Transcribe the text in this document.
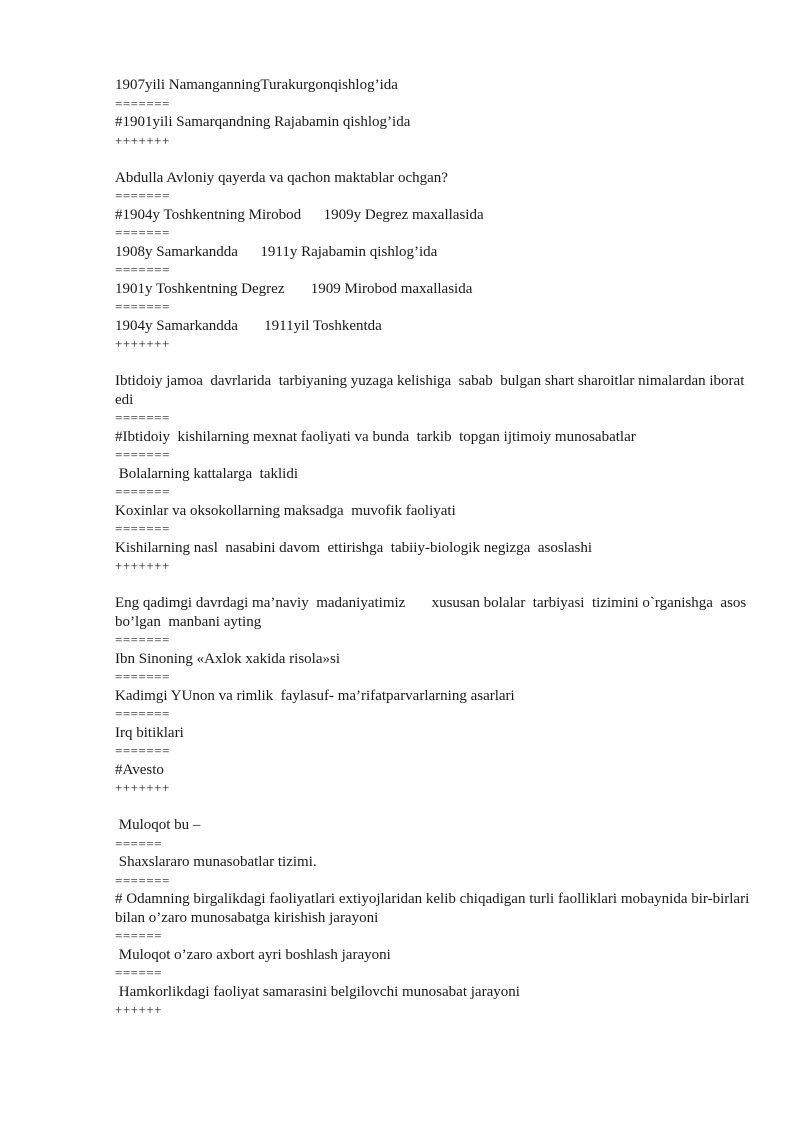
1907yili NamanganningTurakurgonqishlog’ida
=======
#1901yili Samarqandning Rajabamin qishlog’ida
+++++++
Abdulla Avloniy qayerda va qachon maktablar ochgan?
=======
#1904y Toshkentning Mirobod      1909y Degrez maxallasida
=======
1908y Samarkandda      1911y Rajabamin qishlog’ida
=======
1901y Toshkentning Degrez       1909 Mirobod maxallasida
=======
1904y Samarkandda       1911yil Toshkentda
+++++++
Ibtidoiy jamoa  davrlarida  tarbiyaning yuzaga kelishiga  sabab  bulgan shart sharoitlar nimalardan iborat edi
=======
#Ibtidoiy  kishilarning mexnat faoliyati va bunda  tarkib  topgan ijtimoiy munosabatlar
=======
Bolalarning kattalarga  taklidi
=======
Koxinlar va oksokollarning maksadga  muvofik faoliyati
=======
Kishilarning nasl  nasabini davom  ettirishga  tabiiy-biologik negizga  asoslashi
+++++++
Eng qadimgi davrdagi ma’naviy  madaniyatimiz       xususan bolalar  tarbiyasi  tizimini o`rganishga  asos bo’lgan  manbani ayting
=======
Ibn Sinoning «Axlok xakida risola»si
=======
Kadimgi YUnon va rimlik  faylasuf- ma’rifatparvarlarning asarlari
=======
Irq bitiklari
=======
#Avesto
+++++++
Muloqot bu –
======
Shaxslararo munasobatlar tizimi.
=======
# Odamning birgalikdagi faoliyatlari extiyojlaridan kelib chiqadigan turli faolliklari mobaynida bir-birlari bilan o’zaro munosabatga kirishish jarayoni
======
Muloqot o’zaro axbort ayri boshlash jarayoni
======
Hamkorlikdagi faoliyat samarasini belgilovchi munosabat jarayoni
++++++
